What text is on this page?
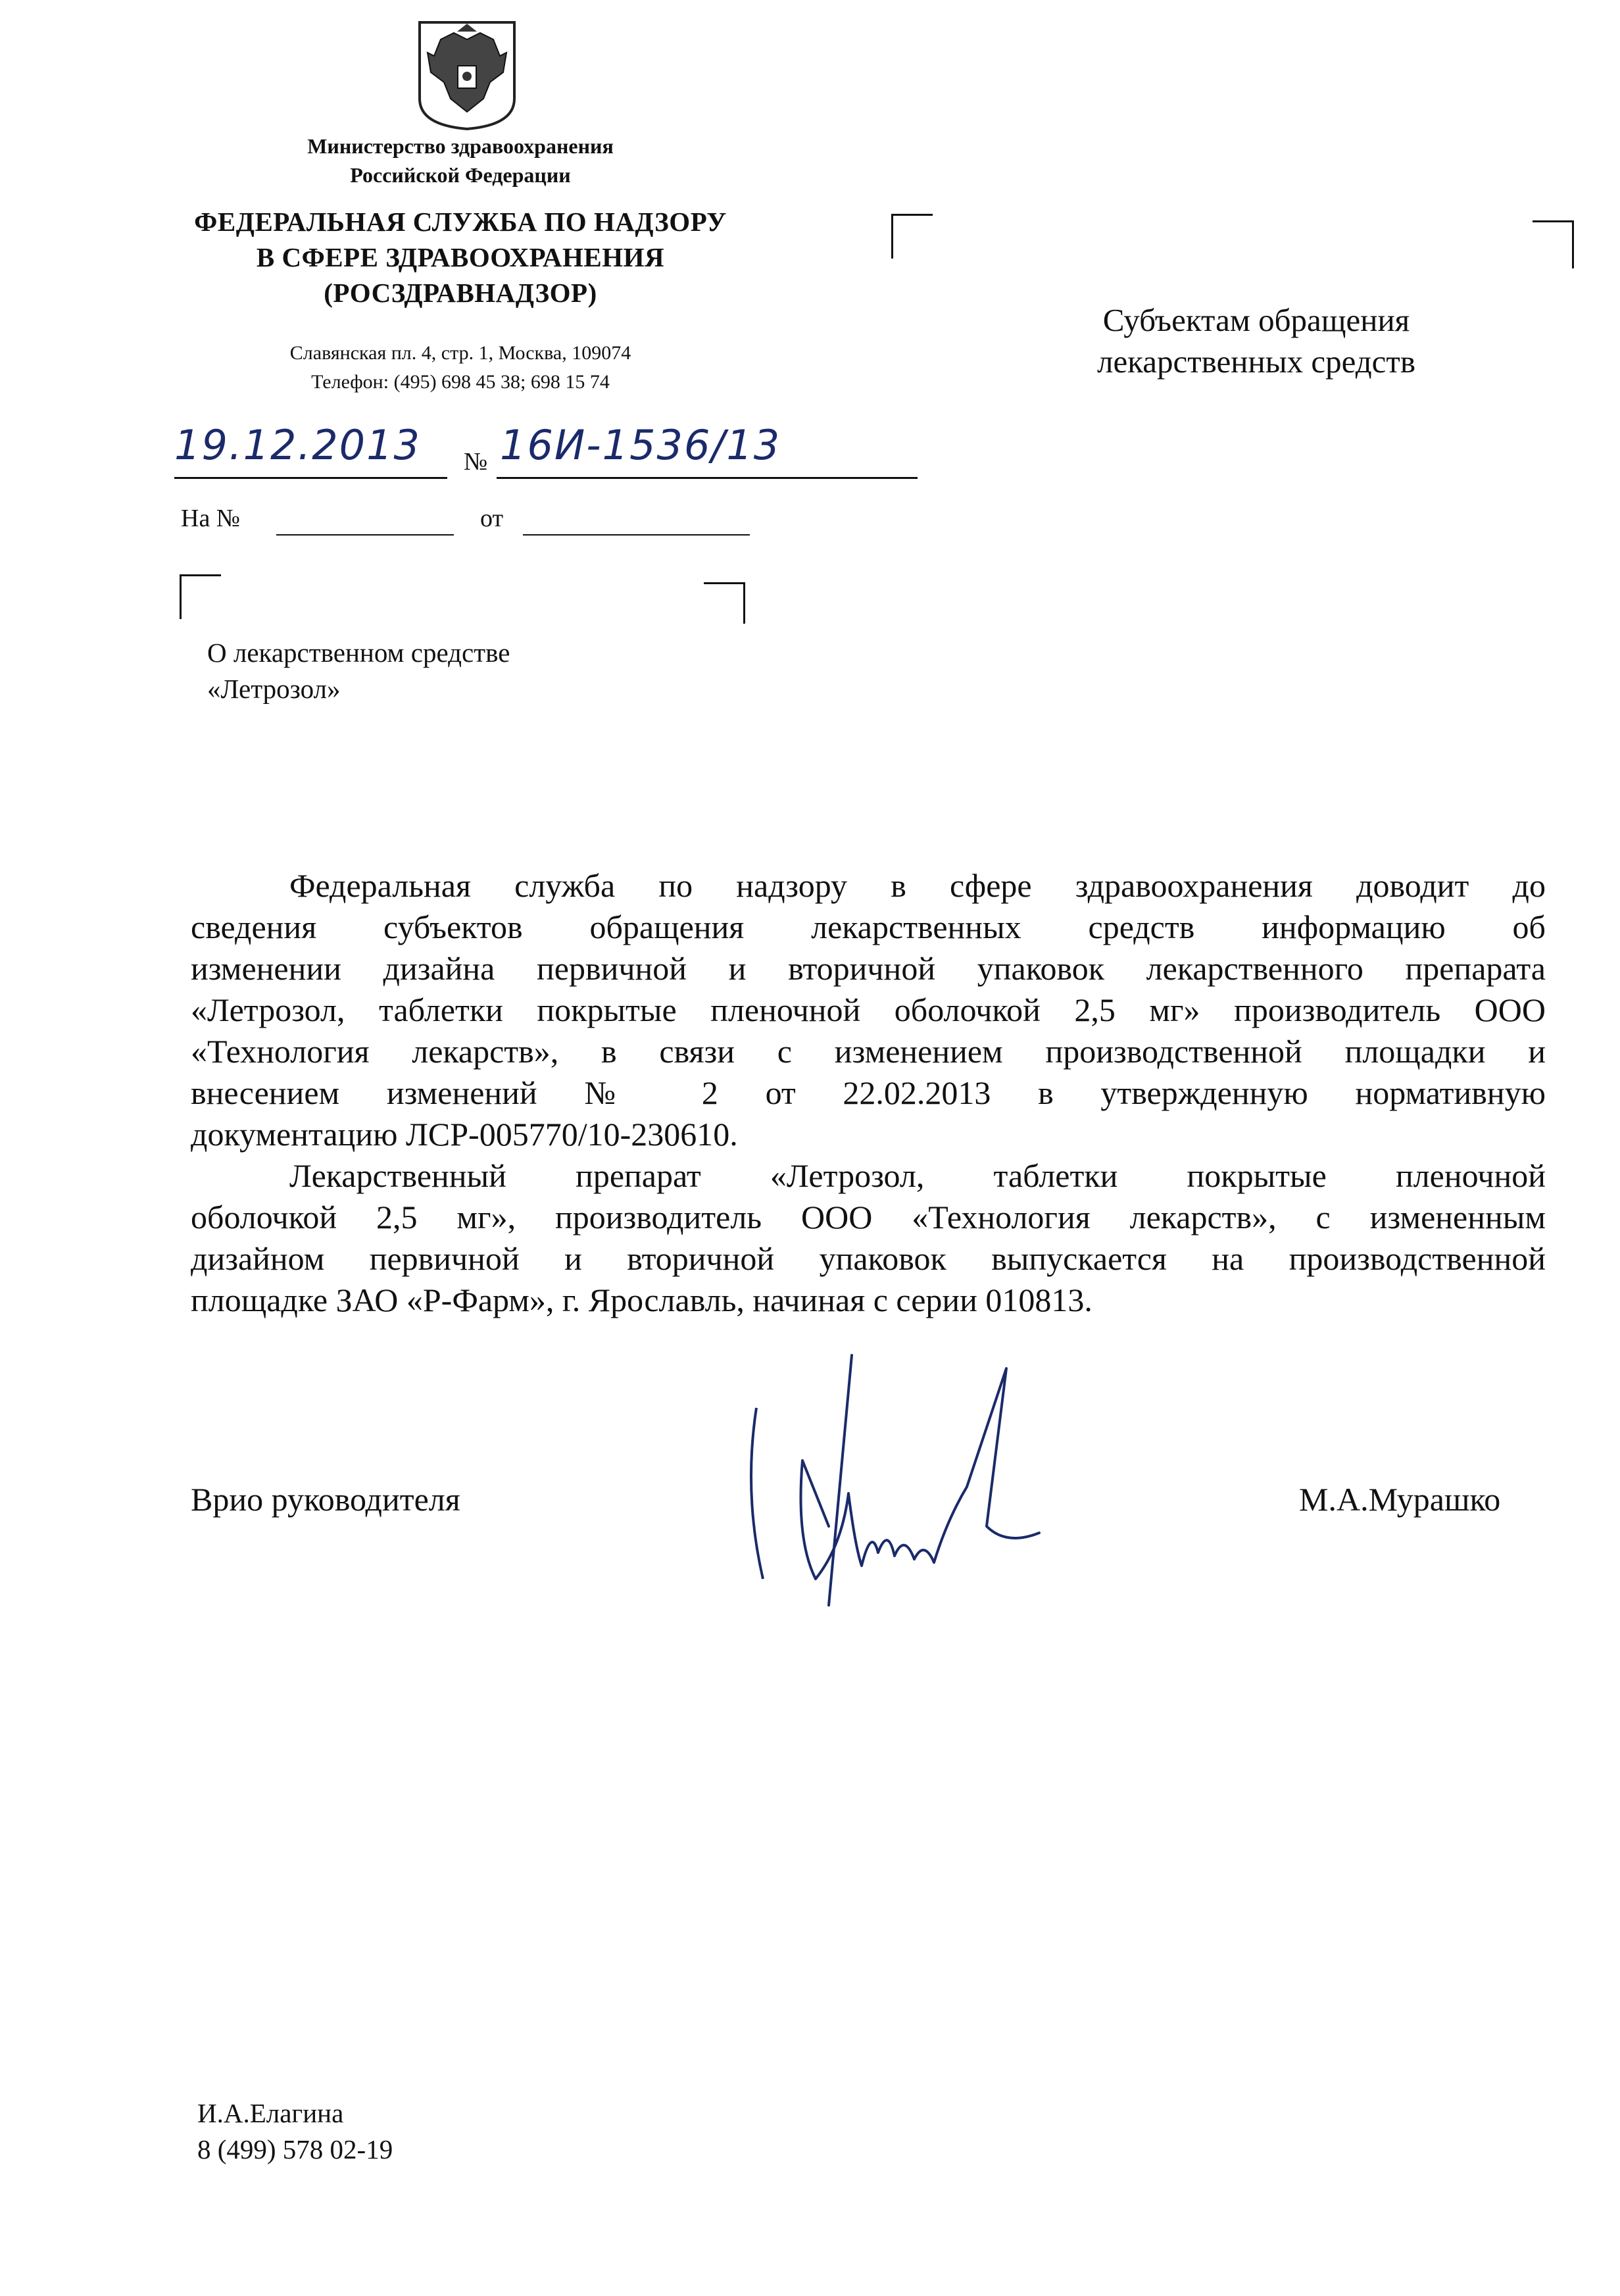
Министерство здравоохранения
Российской Федерации
ФЕДЕРАЛЬНАЯ СЛУЖБА ПО НАДЗОРУ
В СФЕРЕ ЗДРАВООХРАНЕНИЯ
(РОСЗДРАВНАДЗОР)
Славянская пл. 4, стр. 1, Москва, 109074
Телефон: (495) 698 45 38; 698 15 74
19.12.2013 № 16И-1536/13
На №	от
Субъектам обращения
лекарственных средств
О лекарственном средстве
«Летрозол»
Федеральная служба по надзору в сфере здравоохранения доводит до
сведения субъектов обращения лекарственных средств информацию об
изменении дизайна первичной и вторичной упаковок лекарственного препарата
«Летрозол, таблетки покрытые пленочной оболочкой 2,5 мг» производитель ООО
«Технология лекарств», в связи с изменением производственной площадки и
внесением изменений № 2 от 22.02.2013 в утвержденную нормативную
документацию ЛСР-005770/10-230610.
Лекарственный препарат «Летрозол, таблетки покрытые пленочной
оболочкой 2,5 мг», производитель ООО «Технология лекарств», с измененным
дизайном первичной и вторичной упаковок выпускается на производственной
площадке ЗАО «Р-Фарм», г. Ярославль, начиная с серии 010813.
Врио руководителя	М.А.Мурашко
И.А.Елагина
8 (499) 578 02-19
